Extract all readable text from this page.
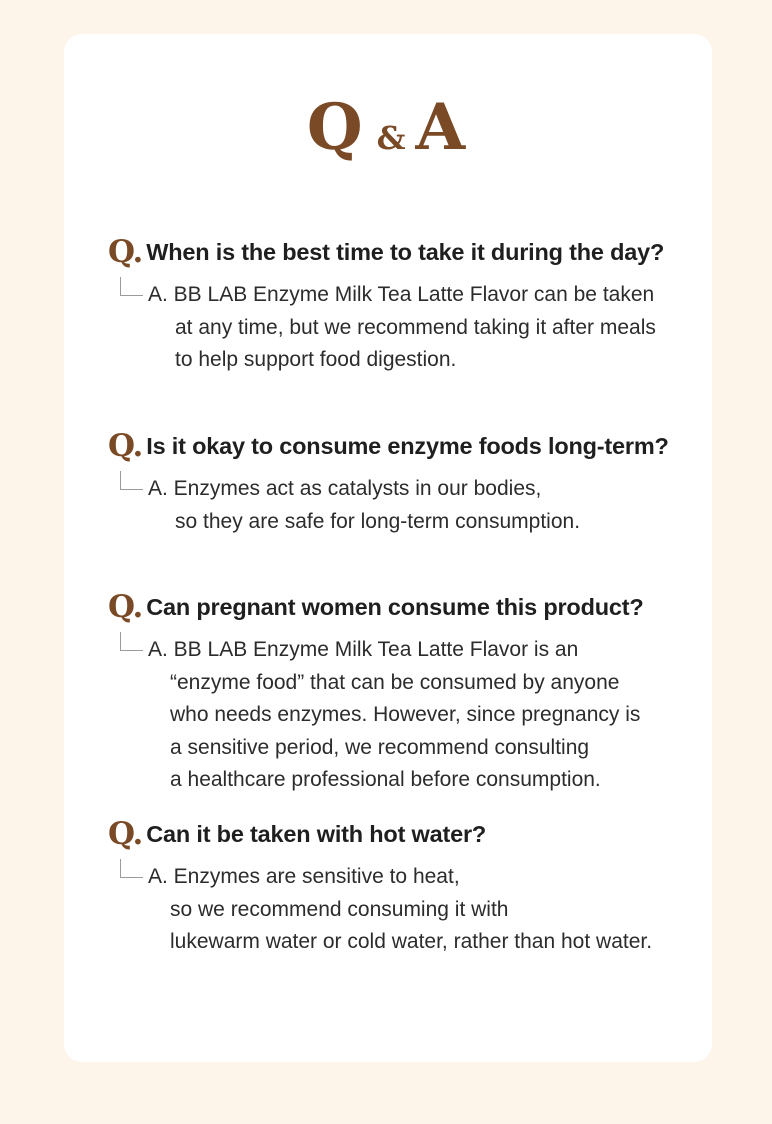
Q & A
Q. When is the best time to take it during the day?
A. BB LAB Enzyme Milk Tea Latte Flavor can be taken
at any time, but we recommend taking it after meals
to help support food digestion.
Q. Is it okay to consume enzyme foods long-term?
A. Enzymes act as catalysts in our bodies,
so they are safe for long-term consumption.
Q. Can pregnant women consume this product?
A. BB LAB Enzyme Milk Tea Latte Flavor is an
“enzyme food” that can be consumed by anyone
who needs enzymes. However, since pregnancy is
a sensitive period, we recommend consulting
a healthcare professional before consumption.
Q. Can it be taken with hot water?
A. Enzymes are sensitive to heat,
so we recommend consuming it with
lukewarm water or cold water, rather than hot water.
